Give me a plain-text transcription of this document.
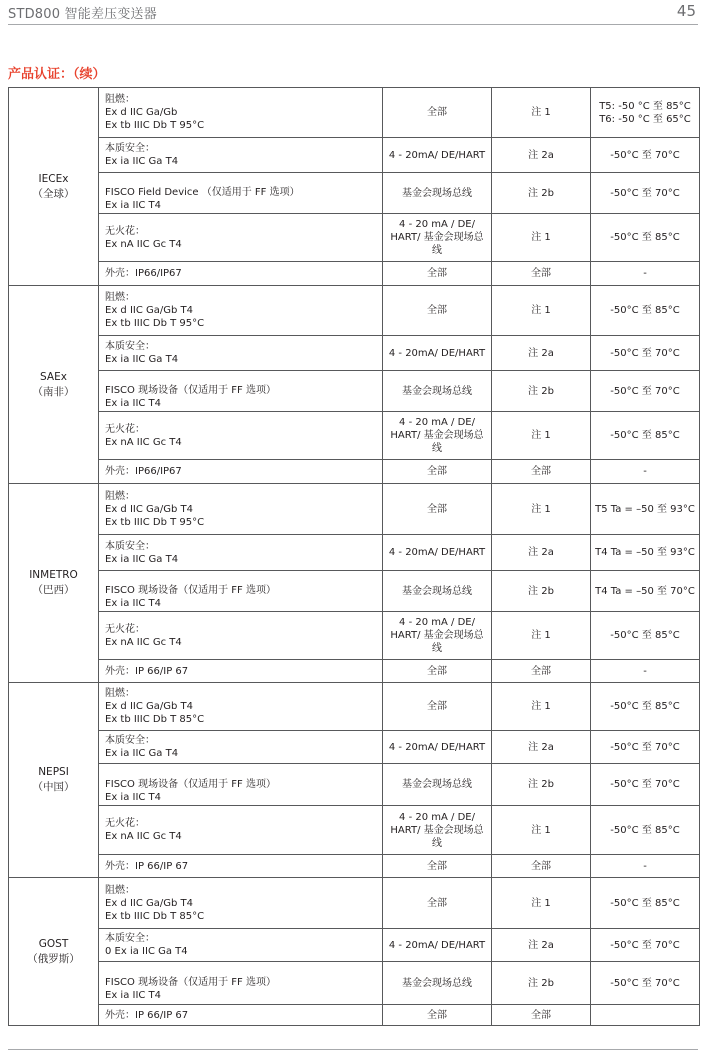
STD800 智能差压变送器	45
产品认证：（续）
IECEx
（全球）	阻燃：
Ex d IIC Ga/Gb
Ex tb IIIC Db T 95°C	全部	注 1	T5: -50 °C 至 85°C
T6: -50 °C 至 65°C

	本质安全：
Ex ia IIC Ga T4	4 - 20mA/ DE/HART	注 2a	-50°C 至 70°C

	FISCO Field Device （仅适用于 FF 选项）
Ex ia IIC T4	基金会现场总线	注 2b	-50°C 至 70°C

	无火花：
Ex nA IIC Gc T4	4 - 20 mA / DE/ HART/ 基金会现场总线	注 1	-50°C 至 85°C

	外壳：IP66/IP67	全部	全部	-

SAEx
（南非）	阻燃：
Ex d IIC Ga/Gb T4
Ex tb IIIC Db T 95°C	全部	注 1	-50°C 至 85°C

	本质安全：
Ex ia IIC Ga T4	4 - 20mA/ DE/HART	注 2a	-50°C 至 70°C

	FISCO 现场设备（仅适用于 FF 选项）
Ex ia IIC T4	基金会现场总线	注 2b	-50°C 至 70°C

	无火花：
Ex nA IIC Gc T4	4 - 20 mA / DE/ HART/ 基金会现场总线	注 1	-50°C 至 85°C

	外壳：IP66/IP67	全部	全部	-

INMETRO
（巴西）	阻燃：
Ex d IIC Ga/Gb T4
Ex tb IIIC Db T 95°C	全部	注 1	T5 Ta = –50 至 93°C

	本质安全：
Ex ia IIC Ga T4	4 - 20mA/ DE/HART	注 2a	T4 Ta = –50 至 93°C

	FISCO 现场设备（仅适用于 FF 选项）
Ex ia IIC T4	基金会现场总线	注 2b	T4 Ta = –50 至 70°C

	无火花：
Ex nA IIC Gc T4	4 - 20 mA / DE/ HART/ 基金会现场总线	注 1	-50°C 至 85°C

	外壳：IP 66/IP 67	全部	全部	-

NEPSI
（中国）	阻燃：
Ex d IIC Ga/Gb T4
Ex tb IIIC Db T 85°C	全部	注 1	-50°C 至 85°C

	本质安全：
Ex ia IIC Ga T4	4 - 20mA/ DE/HART	注 2a	-50°C 至 70°C

	FISCO 现场设备（仅适用于 FF 选项）
Ex ia IIC T4	基金会现场总线	注 2b	-50°C 至 70°C

	无火花：
Ex nA IIC Gc T4	4 - 20 mA / DE/ HART/ 基金会现场总线	注 1	-50°C 至 85°C

	外壳：IP 66/IP 67	全部	全部	-

GOST
（俄罗斯）	阻燃：
Ex d IIC Ga/Gb T4
Ex tb IIIC Db T 85°C	全部	注 1	-50°C 至 85°C

	本质安全：
0 Ex ia IIC Ga T4	4 - 20mA/ DE/HART	注 2a	-50°C 至 70°C

	FISCO 现场设备（仅适用于 FF 选项）
Ex ia IIC T4	基金会现场总线	注 2b	-50°C 至 70°C

	外壳：IP 66/IP 67	全部	全部	
